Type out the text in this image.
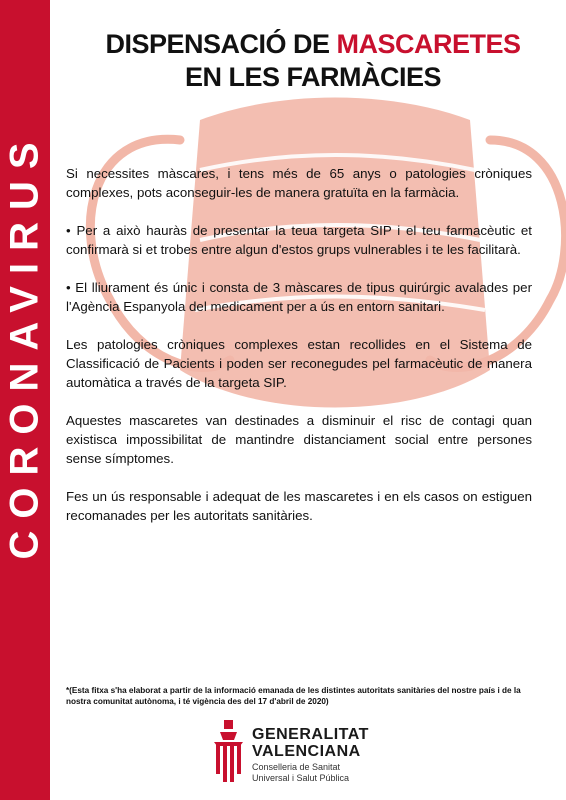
CORONAVIRUS
DISPENSACIÓ DE MASCARETES
EN LES FARMÀCIES

Si necessites màscares, i tens més de 65 anys o patologies cròniques complexes, pots aconseguir-les de manera gratuïta en la farmàcia.

• Per a això hauràs de presentar la teua targeta SIP i el teu farmacèutic et confirmarà si et trobes entre algun d'estos grups vulnerables i te les facilitarà.

• El lliurament és únic i consta de 3 màscares de tipus quirúrgic avalades per l'Agència Espanyola del medicament per a ús en entorn sanitari.

Les patologies cròniques complexes estan recollides en el Sistema de Classificació de Pacients i poden ser reconegudes pel farmacèutic de manera automàtica a través de la targeta SIP.

Aquestes mascaretes van destinades a disminuir el risc de contagi quan existisca impossibilitat de mantindre distanciament social entre persones sense símptomes.

Fes un ús responsable i adequat de les mascaretes i en els casos on estiguen recomanades per les autoritats sanitàries.

*(Esta fitxa s'ha elaborat a partir de la informació emanada de les distintes autoritats sanitàries del nostre país i de la nostra comunitat autònoma, i té vigència des del 17 d'abril de 2020)
GENERALITAT
VALENCIANA
Conselleria de Sanitat
Universal i Salut Pública
